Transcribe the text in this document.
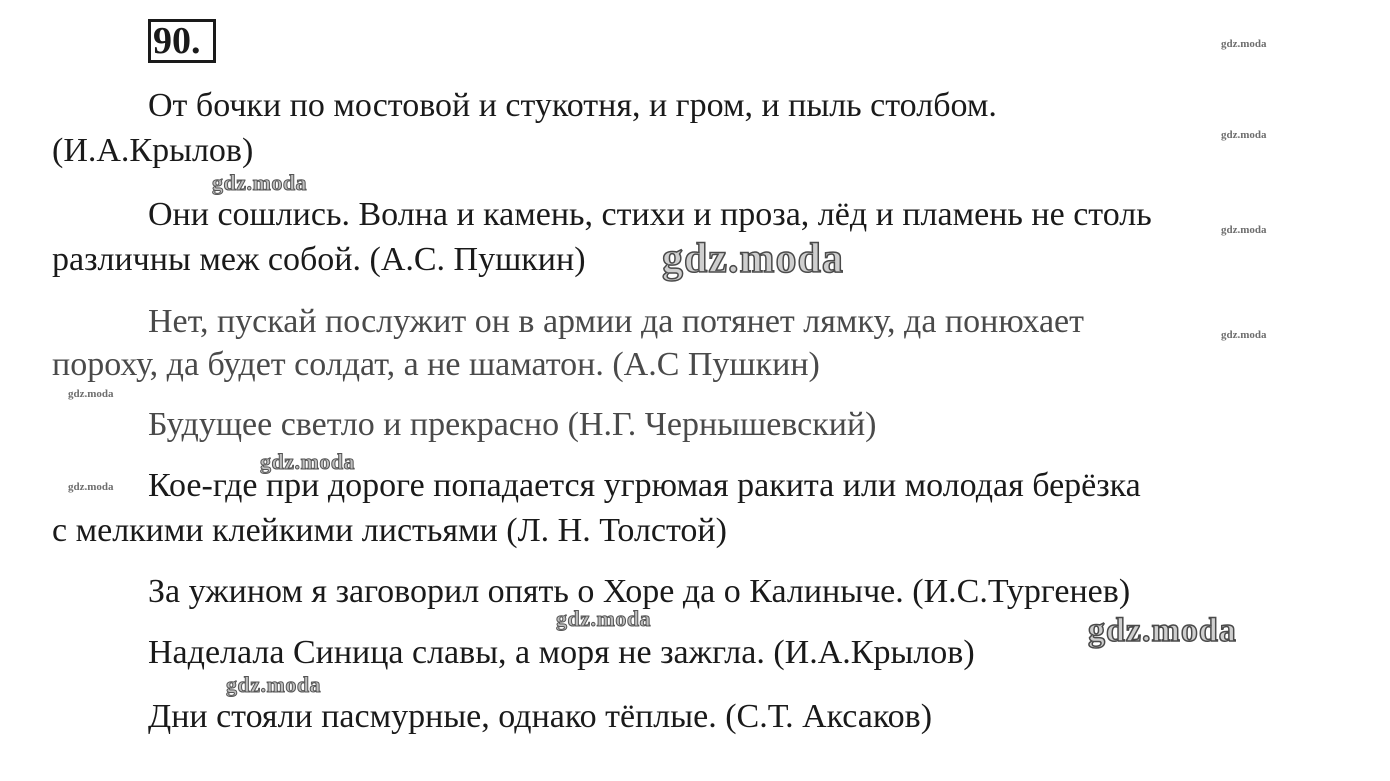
90.
От бочки по мостовой и стукотня, и гром, и пыль столбом.
(И.А.Крылов)
Они сошлись. Волна и камень, стихи и проза, лёд и пламень не столь
различны меж собой. (А.С. Пушкин)
Нет, пускай послужит он в армии да потянет лямку, да понюхает
пороху, да будет солдат, а не шаматон. (А.С Пушкин)
Будущее светло и прекрасно (Н.Г. Чернышевский)
Кое-где при дороге попадается угрюмая ракита или молодая берёзка
с мелкими клейкими листьями (Л. Н. Толстой)
За ужином я заговорил опять о Хоре да о Калиныче. (И.С.Тургенев)
Наделала Синица славы, а моря не зажгла. (И.А.Крылов)
Дни стояли пасмурные, однако тёплые. (С.Т. Аксаков)
gdz.moda
gdz.moda
gdz.moda
gdz.moda
gdz.moda
gdz.moda
gdz.moda
gdz.moda
gdz.moda
gdz.moda
gdz.moda
gdz.moda
